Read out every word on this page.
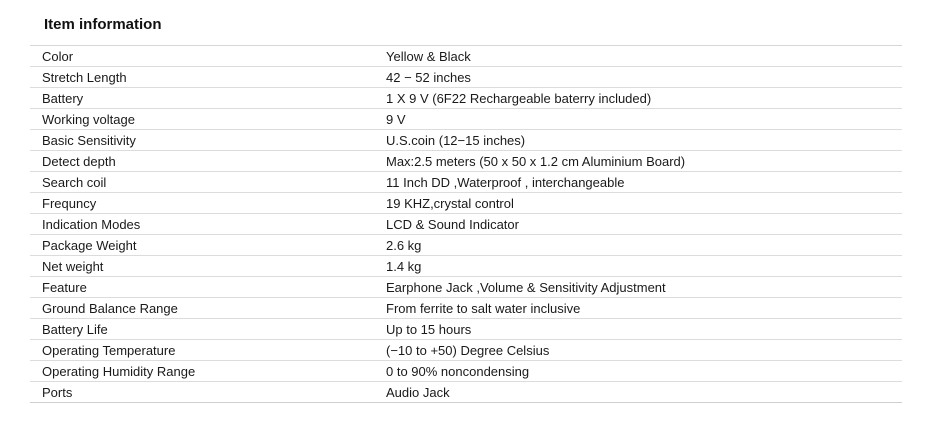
Item information
Color	Yellow & Black
Stretch Length	42 − 52 inches
Battery	1 X 9 V (6F22 Rechargeable baterry included)
Working voltage	9 V
Basic Sensitivity	U.S.coin (12−15 inches)
Detect depth	Max:2.5 meters (50 x 50 x 1.2 cm Aluminium Board)
Search coil	11 Inch DD ,Waterproof , interchangeable
Frequncy	19 KHZ,crystal control
Indication Modes	LCD & Sound Indicator
Package Weight	2.6 kg
Net weight	1.4 kg
Feature	Earphone Jack ,Volume & Sensitivity Adjustment
Ground Balance Range	From ferrite to salt water inclusive
Battery Life	Up to 15 hours
Operating Temperature	(−10 to +50) Degree Celsius
Operating Humidity Range	0 to 90% noncondensing
Ports	Audio Jack
